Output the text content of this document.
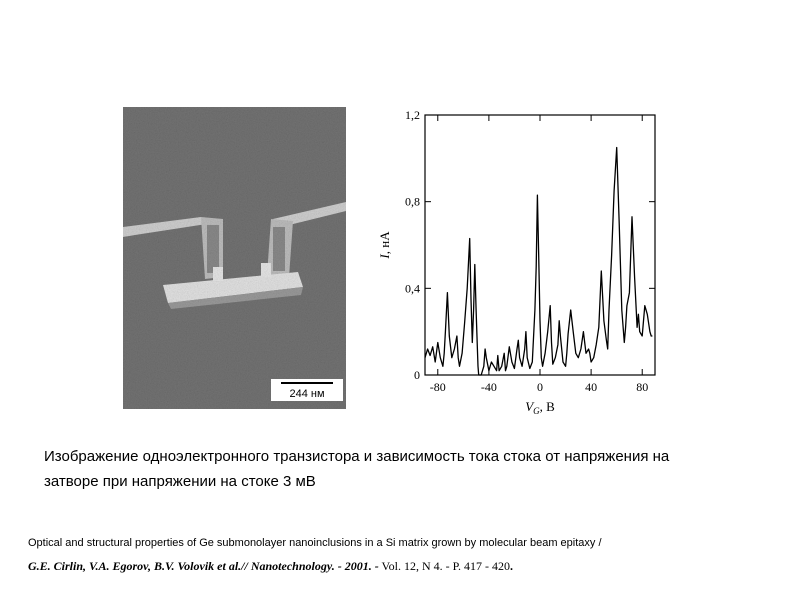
244 нм	-80	-40	0	40	80
0
0,4
0,8
1,2
I, нА
$V_G$, В
Изображение одноэлектронного транзистора и зависимость тока стока от напряжения на затворе при напряжении на стоке 3 мВ
Optical and structural properties of Ge submonolayer nanoinclusions in a Si matrix grown by molecular beam epitaxy /
G.E. Cirlin, V.A. Egorov, B.V. Volovik et al.// Nanotechnology. - 2001. - Vol. 12, N 4. - P. 417 - 420.
